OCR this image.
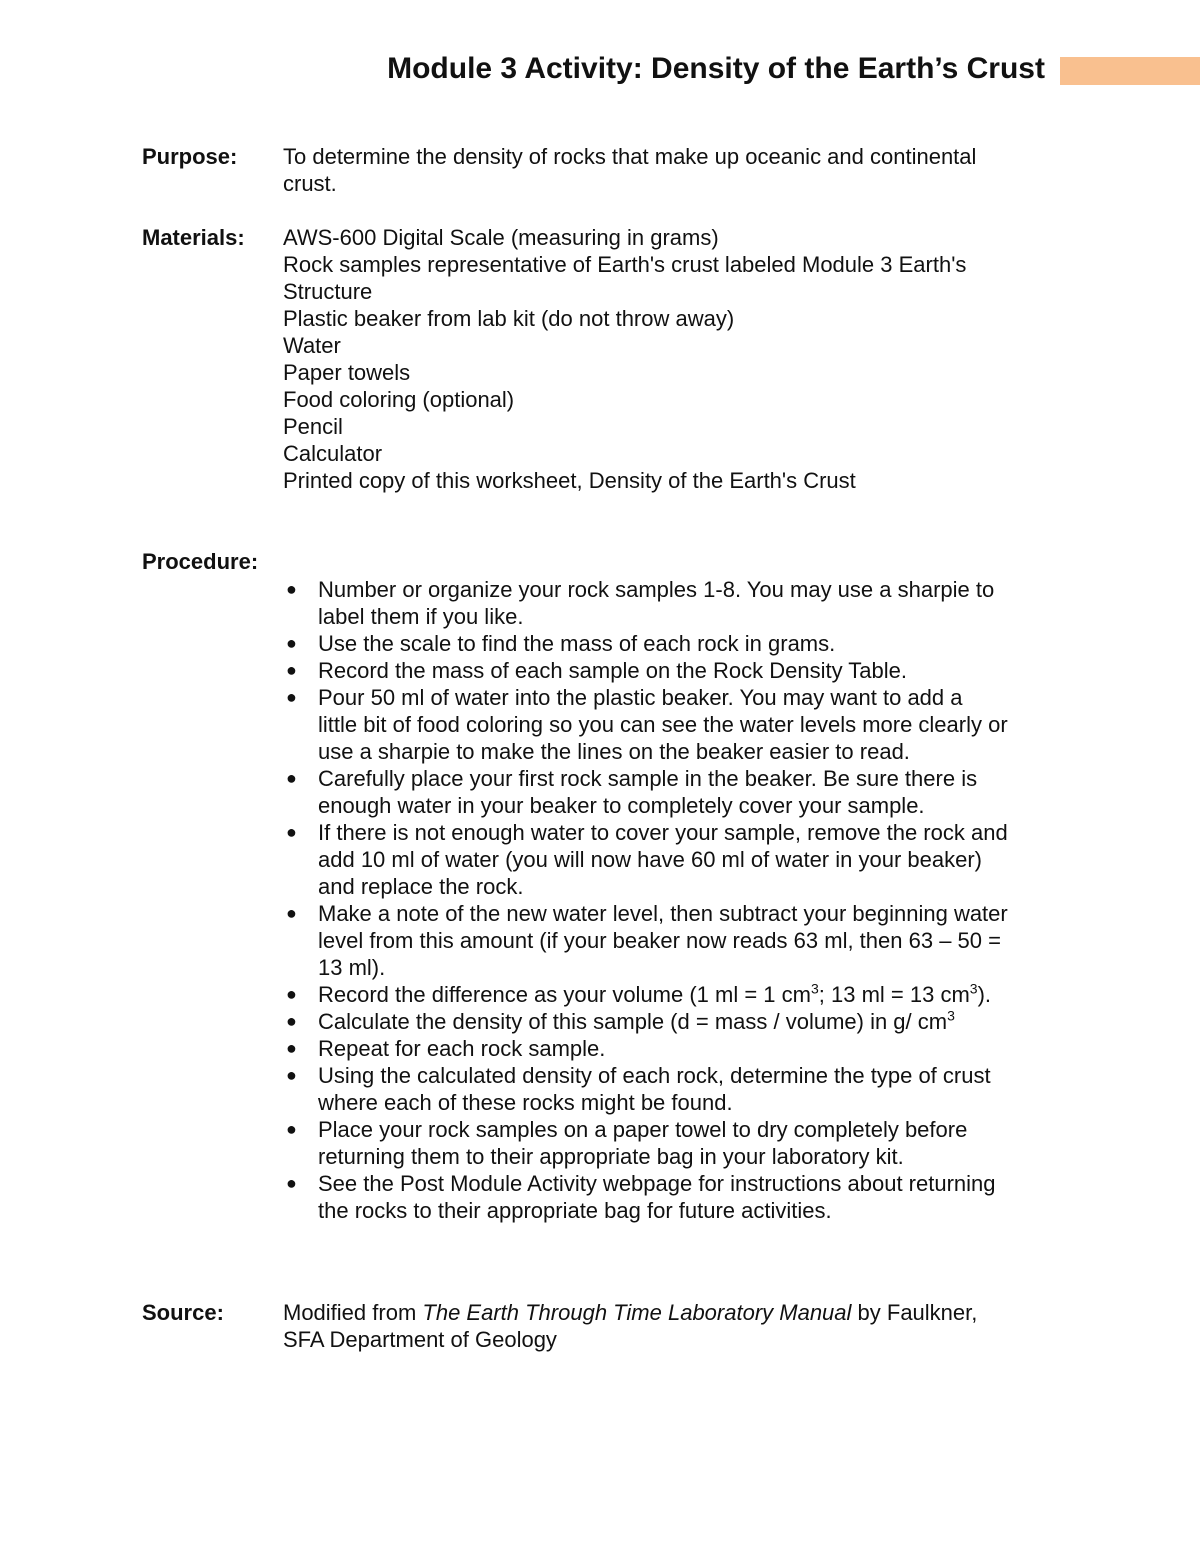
Module 3 Activity: Density of the Earth’s Crust
Purpose: To determine the density of rocks that make up oceanic and continental
crust.
Materials: AWS-600 Digital Scale (measuring in grams)
Rock samples representative of Earth's crust labeled Module 3 Earth's
Structure
Plastic beaker from lab kit (do not throw away)
Water
Paper towels
Food coloring (optional)
Pencil
Calculator
Printed copy of this worksheet, Density of the Earth's Crust
Procedure:
● Number or organize your rock samples 1-8. You may use a sharpie to
label them if you like.
● Use the scale to find the mass of each rock in grams.
● Record the mass of each sample on the Rock Density Table.
● Pour 50 ml of water into the plastic beaker. You may want to add a
little bit of food coloring so you can see the water levels more clearly or
use a sharpie to make the lines on the beaker easier to read.
● Carefully place your first rock sample in the beaker. Be sure there is
enough water in your beaker to completely cover your sample.
● If there is not enough water to cover your sample, remove the rock and
add 10 ml of water (you will now have 60 ml of water in your beaker)
and replace the rock.
● Make a note of the new water level, then subtract your beginning water
level from this amount (if your beaker now reads 63 ml, then 63 – 50 =
13 ml).
● Record the difference as your volume (1 ml = 1 $cm^3$; 13 ml = 13 $cm^3$).
● Calculate the density of this sample (d = mass / volume) in g/ $cm^3$
● Repeat for each rock sample.
● Using the calculated density of each rock, determine the type of crust
where each of these rocks might be found.
● Place your rock samples on a paper towel to dry completely before
returning them to their appropriate bag in your laboratory kit.
● See the Post Module Activity webpage for instructions about returning
the rocks to their appropriate bag for future activities.
Source:	Modified from The Earth Through Time Laboratory Manual by Faulkner,
SFA Department of Geology
